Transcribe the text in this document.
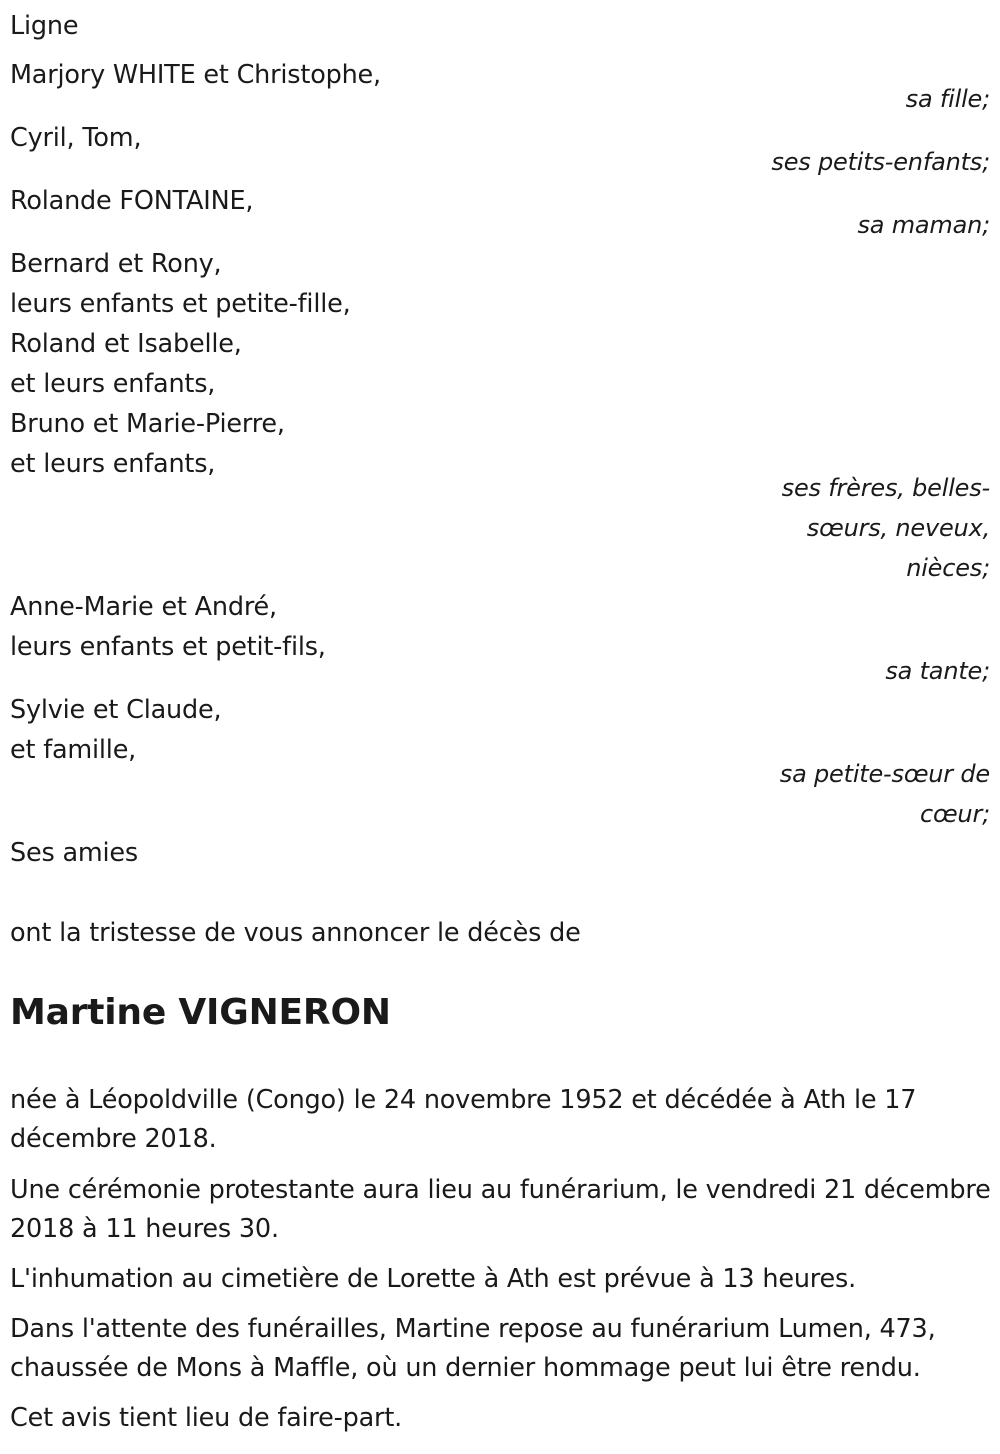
Ligne
Marjory WHITE et Christophe,
sa fille;
Cyril, Tom,
ses petits-enfants;
Rolande FONTAINE,
sa maman;
Bernard et Rony,
leurs enfants et petite-fille,
Roland et Isabelle,
et leurs enfants,
Bruno et Marie-Pierre,
et leurs enfants,
ses frères, belles-
sœurs, neveux,
nièces;
Anne-Marie et André,
leurs enfants et petit-fils,
sa tante;
Sylvie et Claude,
et famille,
sa petite-sœur de
cœur;
Ses amies
ont la tristesse de vous annoncer le décès de
Martine VIGNERON
née à Léopoldville (Congo) le 24 novembre 1952 et décédée à Ath le 17 décembre 2018.
Une cérémonie protestante aura lieu au funérarium, le vendredi 21 décembre 2018 à 11 heures 30.
L'inhumation au cimetière de Lorette à Ath est prévue à 13 heures.
Dans l'attente des funérailles, Martine repose au funérarium Lumen, 473, chaussée de Mons à Maffle, où un dernier hommage peut lui être rendu.
Cet avis tient lieu de faire-part.
